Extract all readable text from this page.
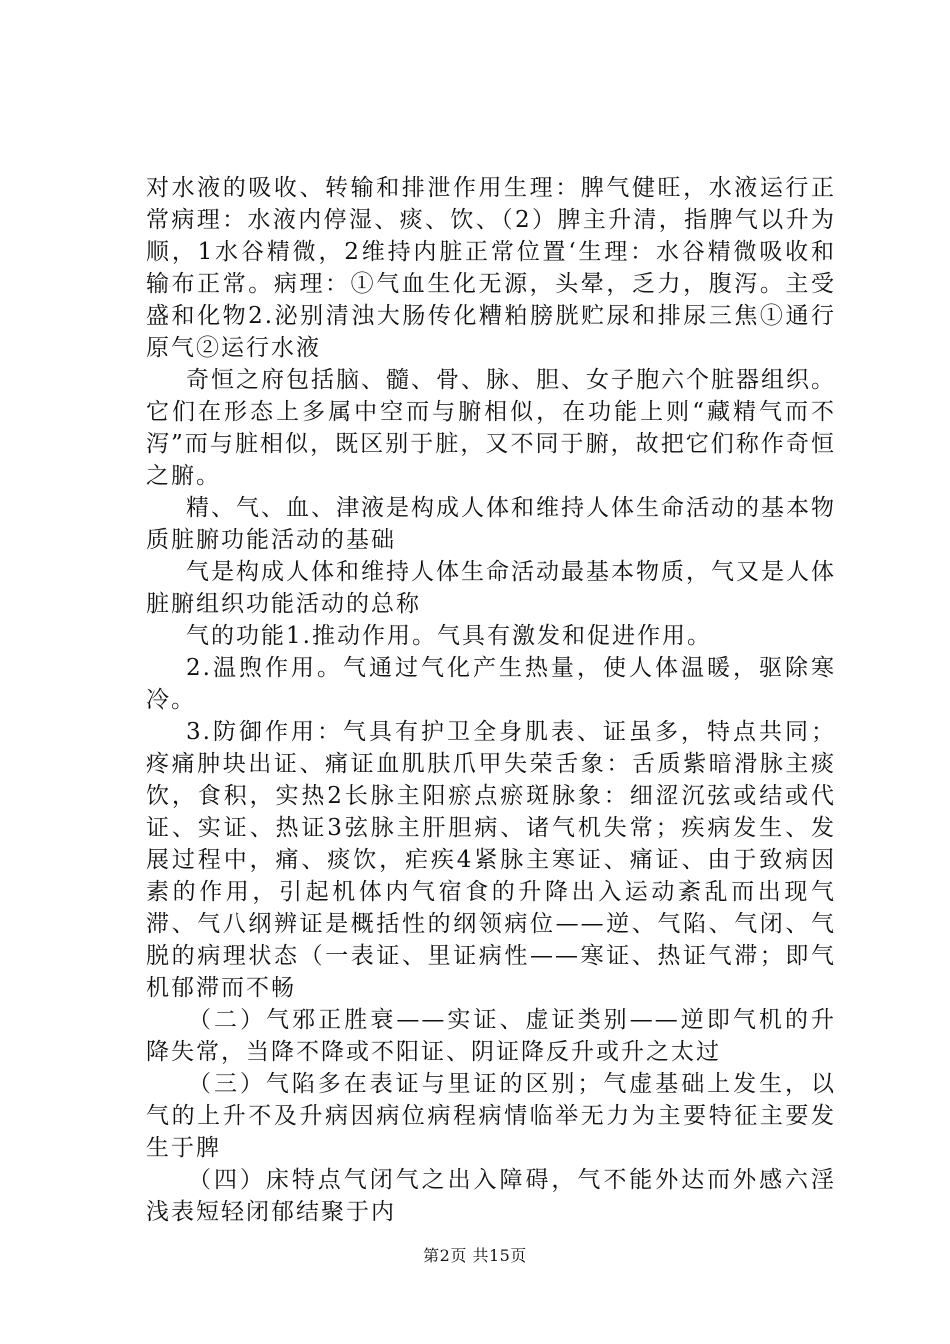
对水液的吸收、转输和排泄作用生理：脾气健旺，水液运行正常病理：水液内停湿、痰、饮、（2）脾主升清，指脾气以升为顺，1水谷精微，2维持内脏正常位置‘生理：水谷精微吸收和输布正常。病理：①气血生化无源，头晕，乏力，腹泻。主受盛和化物2.泌别清浊大肠传化糟粕膀胱贮尿和排尿三焦①通行原气②运行水液

奇恒之府包括脑、髓、骨、脉、胆、女子胞六个脏器组织。它们在形态上多属中空而与腑相似，在功能上则“藏精气而不泻”而与脏相似，既区别于脏，又不同于腑，故把它们称作奇恒之腑。

精、气、血、津液是构成人体和维持人体生命活动的基本物质脏腑功能活动的基础

气是构成人体和维持人体生命活动最基本物质，气又是人体脏腑组织功能活动的总称

气的功能1.推动作用。气具有激发和促进作用。

2.温煦作用。气通过气化产生热量，使人体温暖，驱除寒冷。

3.防御作用：气具有护卫全身肌表、证虽多，特点共同；疼痛肿块出证、痛证血肌肤爪甲失荣舌象：舌质紫暗滑脉主痰饮，食积，实热2长脉主阳瘀点瘀斑脉象：细涩沉弦或结或代证、实证、热证3弦脉主肝胆病、诸气机失常；疾病发生、发展过程中，痛、痰饮，疟疾4紧脉主寒证、痛证、由于致病因素的作用，引起机体内气宿食的升降出入运动紊乱而出现气滞、气八纲辨证是概括性的纲领病位——逆、气陷、气闭、气脱的病理状态（一表证、里证病性——寒证、热证气滞；即气机郁滞而不畅

（二）气邪正胜衰——实证、虚证类别——逆即气机的升降失常，当降不降或不阳证、阴证降反升或升之太过

（三）气陷多在表证与里证的区别；气虚基础上发生，以气的上升不及升病因病位病程病情临举无力为主要特征主要发生于脾

（四）床特点气闭气之出入障碍，气不能外达而外感六淫浅表短轻闭郁结聚于内

第2页 共15页
